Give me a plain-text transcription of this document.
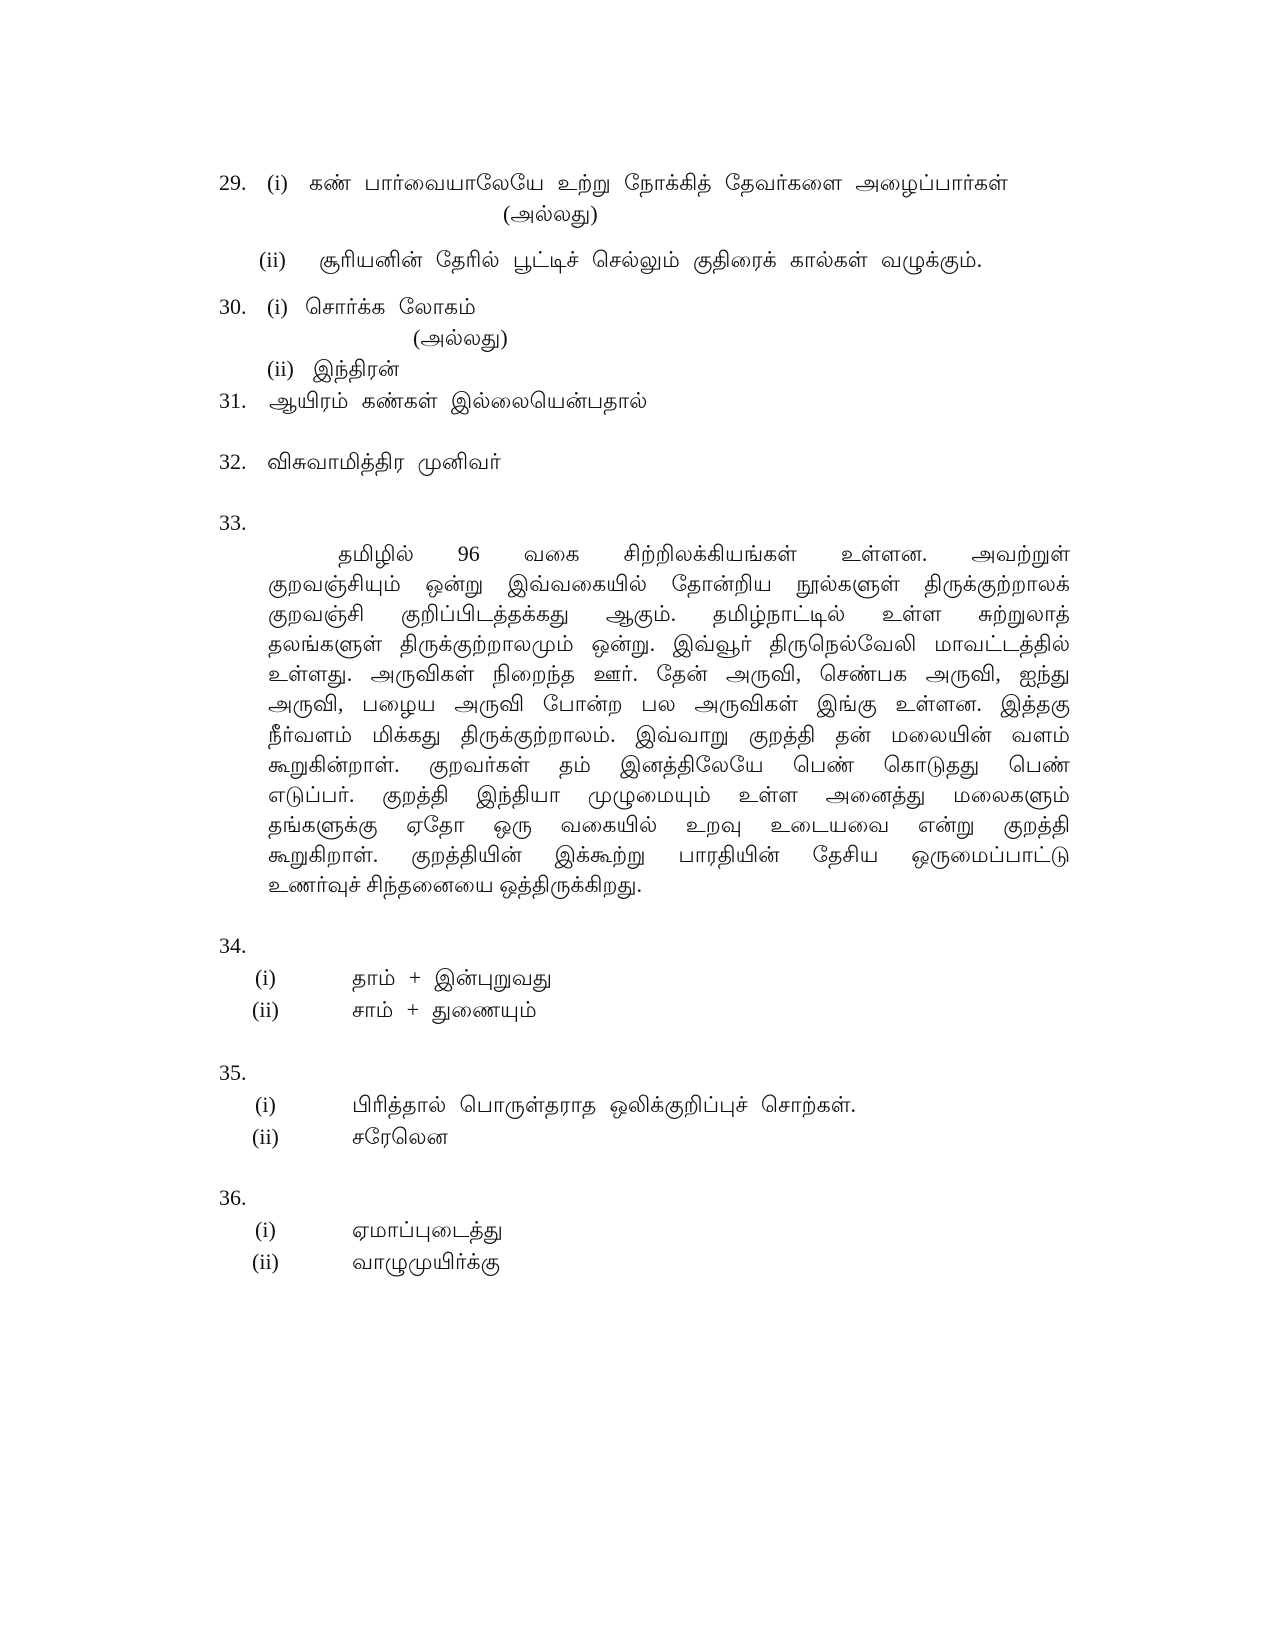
29. (i) கண் பார்வையாலேயே உற்று நோக்கித் தேவர்களை அழைப்பார்கள்
(அல்லது)
(ii) சூரியனின் தேரில் பூட்டிச் செல்லும் குதிரைக் கால்கள் வழுக்கும்.
30. (i) சொர்க்க லோகம்
(அல்லது)
(ii) இந்திரன்
31. ஆயிரம் கண்கள் இல்லையென்பதால்
32. விசுவாமித்திர முனிவர்
33.
தமிழில் 96 வகை சிற்றிலக்கியங்கள் உள்ளன. அவற்றுள்
குறவஞ்சியும் ஒன்று இவ்வகையில் தோன்றிய நூல்களுள் திருக்குற்றாலக்
குறவஞ்சி குறிப்பிடத்தக்கது ஆகும். தமிழ்நாட்டில் உள்ள சுற்றுலாத்
தலங்களுள் திருக்குற்றாலமும் ஒன்று. இவ்வூர் திருநெல்வேலி மாவட்டத்தில்
உள்ளது. அருவிகள் நிறைந்த ஊர். தேன் அருவி, செண்பக அருவி, ஐந்து
அருவி, பழைய அருவி போன்ற பல அருவிகள் இங்கு உள்ளன. இத்தகு
நீர்வளம் மிக்கது திருக்குற்றாலம். இவ்வாறு குறத்தி தன் மலையின் வளம்
கூறுகின்றாள். குறவர்கள் தம் இனத்திலேயே பெண் கொடுதது பெண்
எடுப்பர். குறத்தி இந்தியா முழுமையும் உள்ள அனைத்து மலைகளும்
தங்களுக்கு ஏதோ ஒரு வகையில் உறவு உடையவை என்று குறத்தி
கூறுகிறாள். குறத்தியின் இக்கூற்று பாரதியின் தேசிய ஒருமைப்பாட்டு
உணர்வுச் சிந்தனையை ஒத்திருக்கிறது.
34.
(i)	தாம் + இன்புறுவது
(ii)	சாம் + துணையும்
35.
(i)	பிரித்தால் பொருள்தராத ஒலிக்குறிப்புச் சொற்கள்.
(ii)	சரேலென
36.
(i)	ஏமாப்புடைத்து
(ii)	வாழுமுயிர்க்கு
